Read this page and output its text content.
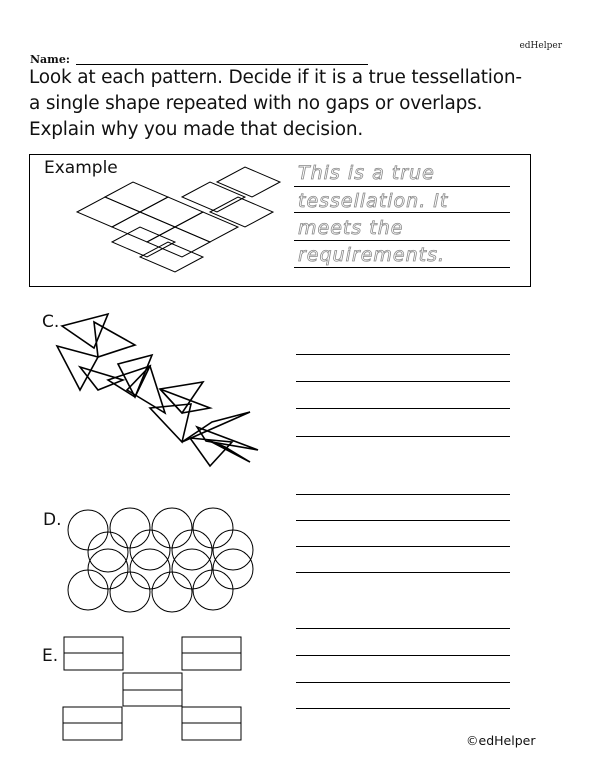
edHelper
Name:
Look at each pattern. Decide if it is a true tessellation-
a single shape repeated with no gaps or overlaps.
Explain why you made that decision.
Example	This is a true
tessellation. It
meets the
requirements.
C.
D.
E.
©edHelper
